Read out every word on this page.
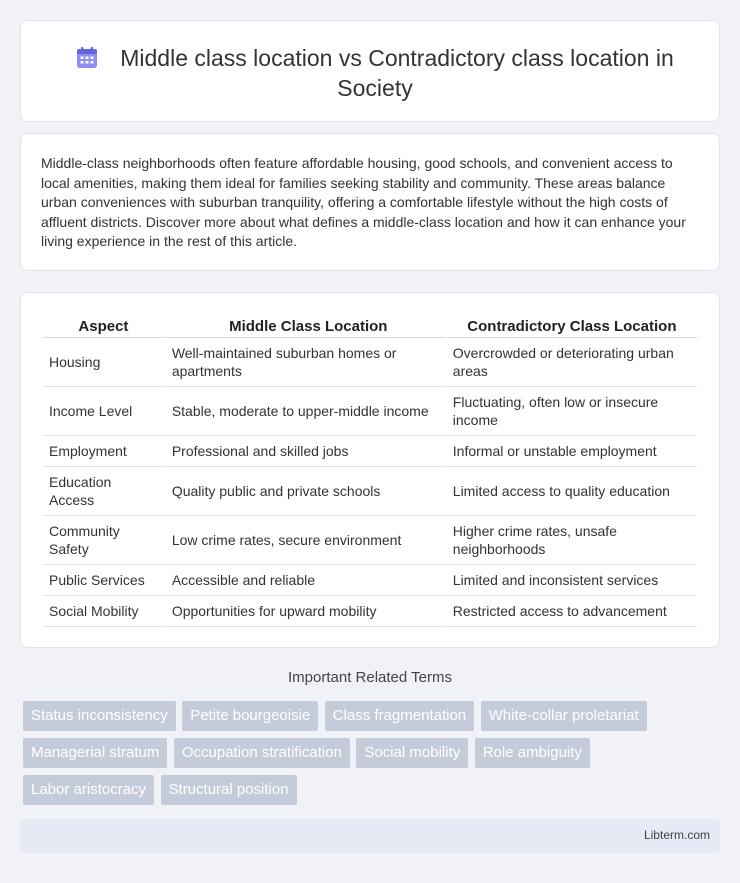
Middle class location vs Contradictory class location in Society

Middle-class neighborhoods often feature affordable housing, good schools, and convenient access to local amenities, making them ideal for families seeking stability and community. These areas balance urban conveniences with suburban tranquility, offering a comfortable lifestyle without the high costs of affluent districts. Discover more about what defines a middle-class location and how it can enhance your living experience in the rest of this article.

Aspect	Middle Class Location	Contradictory Class Location
Housing	Well-maintained suburban homes or apartments	Overcrowded or deteriorating urban areas
Income Level	Stable, moderate to upper-middle income	Fluctuating, often low or insecure income
Employment	Professional and skilled jobs	Informal or unstable employment
Education Access	Quality public and private schools	Limited access to quality education
Community Safety	Low crime rates, secure environment	Higher crime rates, unsafe neighborhoods
Public Services	Accessible and reliable	Limited and inconsistent services
Social Mobility	Opportunities for upward mobility	Restricted access to advancement
Important Related Terms
Status inconsistency Petite bourgeoisie Class fragmentation White-collar proletariat
Managerial stratum Occupation stratification Social mobility Role ambiguity
Labor aristocracy Structural position
Libterm.com
